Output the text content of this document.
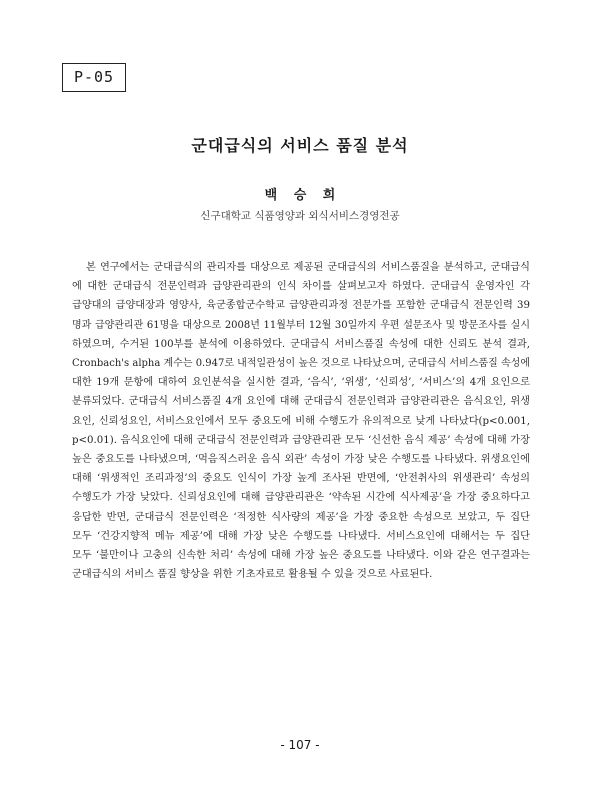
P-05
군대급식의 서비스 품질 분석
백 승 희
신구대학교 식품영양과 외식서비스경영전공
본 연구에서는 군대급식의 관리자를 대상으로 제공된 군대급식의 서비스품질을 분석하고, 군대급식
에 대한 군대급식 전문인력과 급양관리관의 인식 차이를 살펴보고자 하였다. 군대급식 운영자인 각
급양대의 급양대장과 영양사, 육군종합군수학교 급양관리과정 전문가를 포함한 군대급식 전문인력 39
명과 급양관리관 61명을 대상으로 2008년 11월부터 12월 30일까지 우편 설문조사 및 방문조사를 실시
하였으며, 수거된 100부를 분석에 이용하였다. 군대급식 서비스품질 속성에 대한 신뢰도 분석 결과,
Cronbach's alpha 계수는 0.947로 내적일관성이 높은 것으로 나타났으며, 군대급식 서비스품질 속성에
대한 19개 문항에 대하여 요인분석을 실시한 결과, ‘음식’, ‘위생’, ‘신뢰성’, ‘서비스’의 4개 요인으로
분류되었다. 군대급식 서비스품질 4개 요인에 대해 군대급식 전문인력과 급양관리관은 음식요인, 위생
요인, 신뢰성요인, 서비스요인에서 모두 중요도에 비해 수행도가 유의적으로 낮게 나타났다(p<0.001,
p<0.01). 음식요인에 대해 군대급식 전문인력과 급양관리관 모두 ‘신선한 음식 제공’ 속성에 대해 가장
높은 중요도를 나타냈으며, ‘먹음직스러운 음식 외관’ 속성이 가장 낮은 수행도를 나타냈다. 위생요인에
대해 ‘위생적인 조리과정’의 중요도 인식이 가장 높게 조사된 반면에, ‘안전취사의 위생관리’ 속성의
수행도가 가장 낮았다. 신뢰성요인에 대해 급양관리관은 ‘약속된 시간에 식사제공’을 가장 중요하다고
응답한 반면, 군대급식 전문인력은 ‘적정한 식사량의 제공’을 가장 중요한 속성으로 보았고, 두 집단
모두 ‘건강지향적 메뉴 제공’에 대해 가장 낮은 수행도를 나타냈다. 서비스요인에 대해서는 두 집단
모두 ‘불만이나 고충의 신속한 처리’ 속성에 대해 가장 높은 중요도를 나타냈다. 이와 같은 연구결과는
군대급식의 서비스 품질 향상을 위한 기초자료로 활용될 수 있을 것으로 사료된다.
- 107 -
